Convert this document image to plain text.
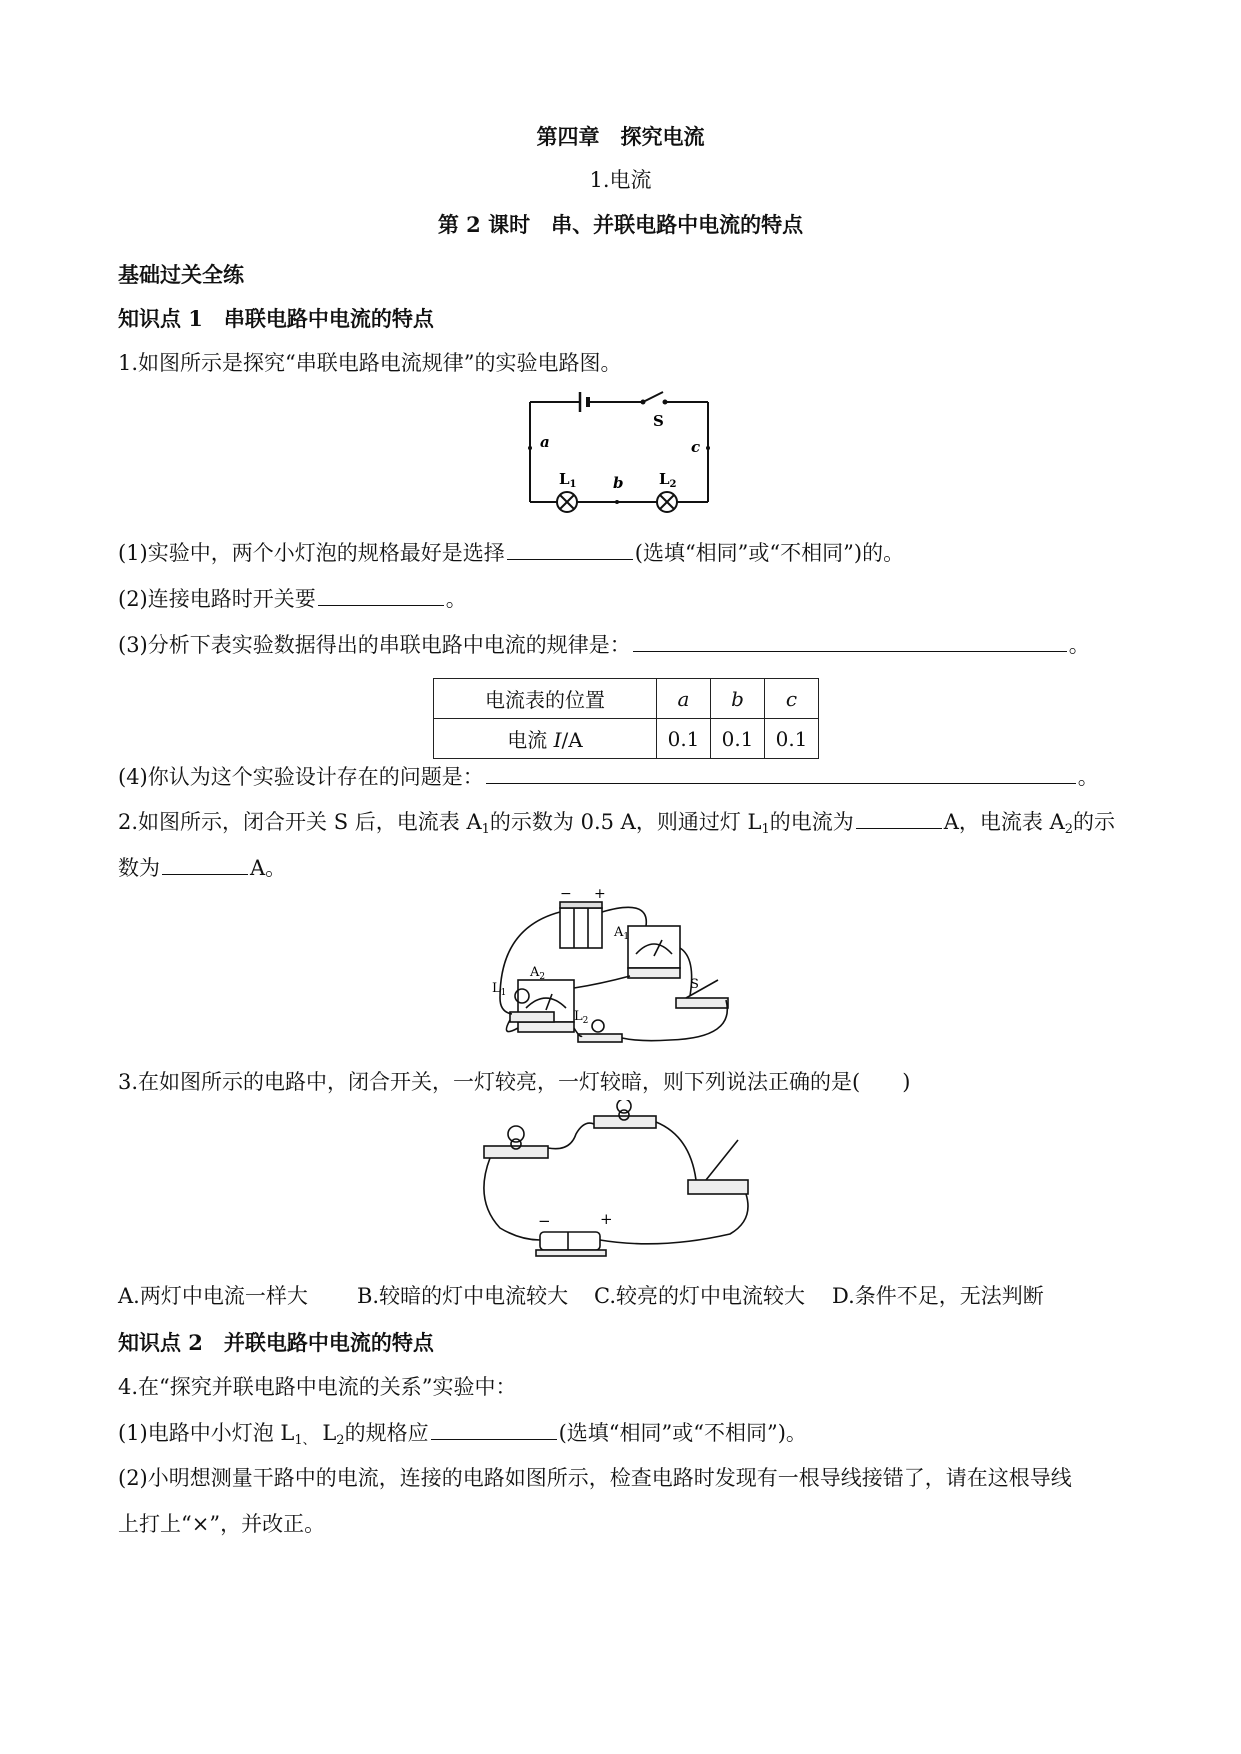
第四章　探究电流
1.电流
第 2 课时　串、并联电路中电流的特点
基础过关全练
知识点 1　串联电路中电流的特点
1.如图所示是探究“串联电路电流规律”的实验电路图。
S
a	c
b
$L_1$	$L_2$
(1)实验中，两个小灯泡的规格最好是选择	(选填“相同”或“不相同”)的。
(2)连接电路时开关要	。
(3)分析下表实验数据得出的串联电路中电流的规律是：	。
电流表的位置	a	b	c
电流 I/A	0.1	0.1	0.1
(4)你认为这个实验设计存在的问题是：	。
2.如图所示，闭合开关 S 后，电流表 $A_1$的示数为 0.5 A，则通过灯 $L_1$的电流为	A，电流表 $A_2$的示
数为	A。
− +
$A_1$
$A_2$
$L_1$
$L_2$
S
3.在如图所示的电路中，闭合开关，一灯较亮，一灯较暗，则下列说法正确的是(　　)
−	+
A.两灯中电流一样大 B.较暗的灯中电流较大 C.较亮的灯中电流较大 D.条件不足，无法判断
知识点 2　并联电路中电流的特点
4.在“探究并联电路中电流的关系”实验中：
(1)电路中小灯泡 $L_{1、}$ $L_2$的规格应	(选填“相同”或“不相同”)。
(2)小明想测量干路中的电流，连接的电路如图所示，检查电路时发现有一根导线接错了，请在这根导线
上打上“×”，并改正。
